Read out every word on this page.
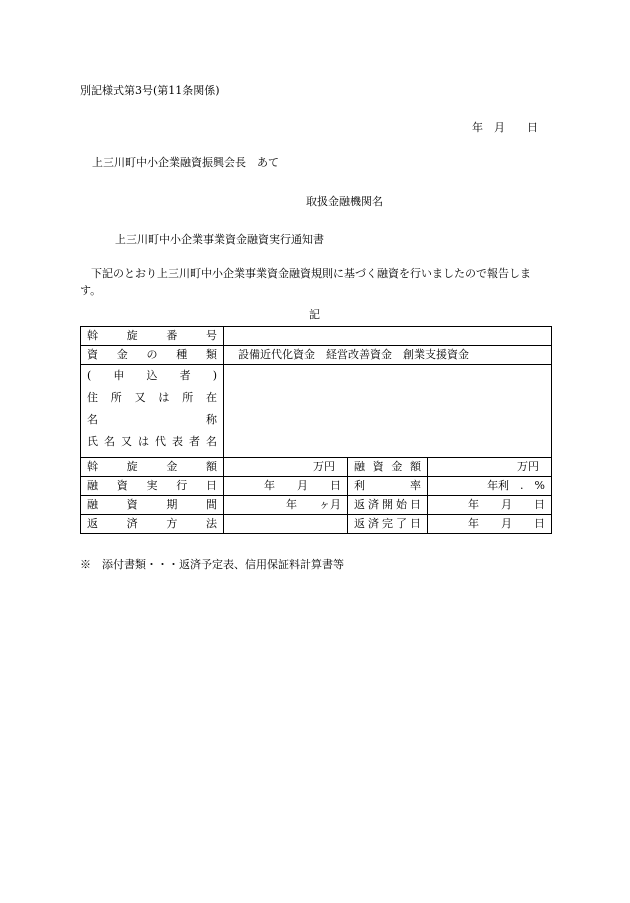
別記様式第3号(第11条関係)
年　月　　日
上三川町中小企業融資振興会長　あて
取扱金融機関名
上三川町中小企業事業資金融資実行通知書
下記のとおり上三川町中小企業事業資金融資規則に基づく融資を行いましたので報告します。
記
斡旋番号			
資金の種類	設備近代化資金　経営改善資金　創業支援資金		

(申込者)
住所又は所在
名称
氏名又は代表者名			

斡旋金額	万円	融資金額	万円
融資実行日	年　　月　　日	利率	年利　.　%
融資期間	年　　ヶ月	返済開始日	年　　月　　日
返済方法		返済完了日	年　　月　　日
※　添付書類・・・返済予定表、信用保証料計算書等
